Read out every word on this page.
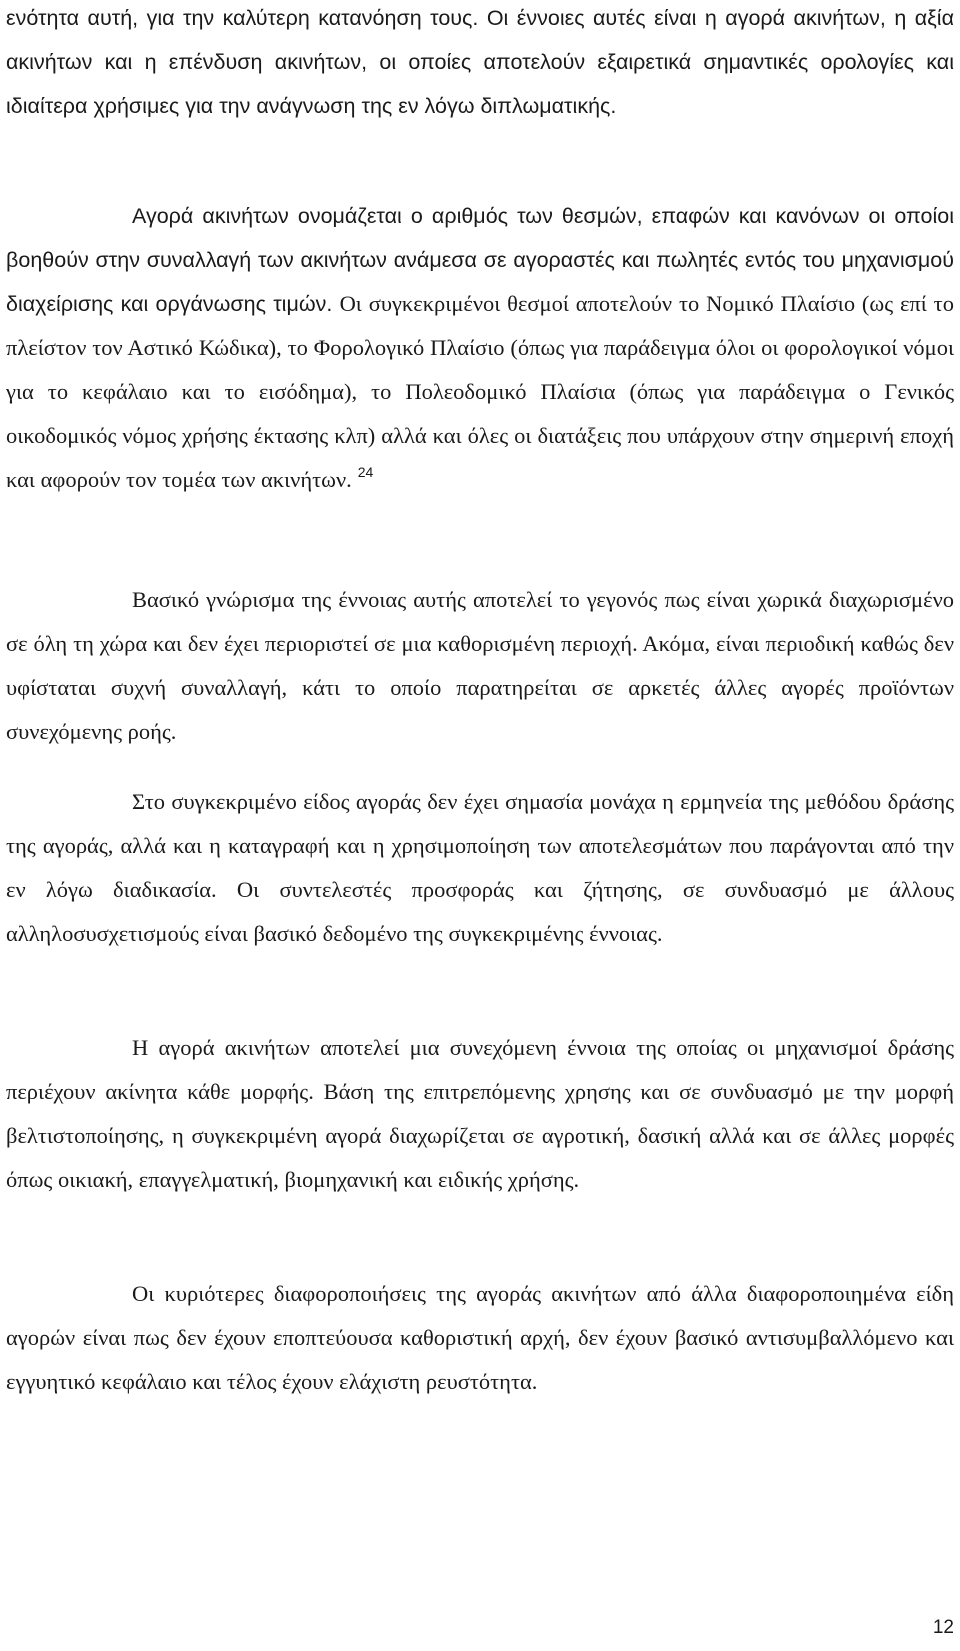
ενότητα αυτή, για την καλύτερη κατανόηση τους. Οι έννοιες αυτές είναι η αγορά ακινήτων, η αξία ακινήτων και η επένδυση ακινήτων, οι οποίες αποτελούν εξαιρετικά σημαντικές ορολογίες και ιδιαίτερα χρήσιμες για την ανάγνωση της εν λόγω διπλωματικής.

Αγορά ακινήτων ονομάζεται ο αριθμός των θεσμών, επαφών και κανόνων οι οποίοι βοηθούν στην συναλλαγή των ακινήτων ανάμεσα σε αγοραστές και πωλητές εντός του μηχανισμού διαχείρισης και οργάνωσης τιμών. Οι συγκεκριμένοι θεσμοί αποτελούν το Νομικό Πλαίσιο (ως επί το πλείστον τον Αστικό Κώδικα), το Φορολογικό Πλαίσιο (όπως για παράδειγμα όλοι οι φορολογικοί νόμοι για το κεφάλαιο και το εισόδημα), το Πολεοδομικό Πλαίσια (όπως για παράδειγμα ο Γενικός οικοδομικός νόμος χρήσης έκτασης κλπ) αλλά και όλες οι διατάξεις που υπάρχουν στην σημερινή εποχή και αφορούν τον τομέα των ακινήτων. $^{24}$

Βασικό γνώρισμα της έννοιας αυτής αποτελεί το γεγονός πως είναι χωρικά διαχωρισμένο σε όλη τη χώρα και δεν έχει περιοριστεί σε μια καθορισμένη περιοχή. Ακόμα, είναι περιοδική καθώς δεν υφίσταται συχνή συναλλαγή, κάτι το οποίο παρατηρείται σε αρκετές άλλες αγορές προϊόντων συνεχόμενης ροής.

Στο συγκεκριμένο είδος αγοράς δεν έχει σημασία μονάχα η ερμηνεία της μεθόδου δράσης της αγοράς, αλλά και η καταγραφή και η χρησιμοποίηση των αποτελεσμάτων που παράγονται από την εν λόγω διαδικασία. Οι συντελεστές προσφοράς και ζήτησης, σε συνδυασμό με άλλους αλληλοσυσχετισμούς είναι βασικό δεδομένο της συγκεκριμένης έννοιας.

Η αγορά ακινήτων αποτελεί μια συνεχόμενη έννοια της οποίας οι μηχανισμοί δράσης περιέχουν ακίνητα κάθε μορφής. Βάση της επιτρεπόμενης χρησης και σε συνδυασμό με την μορφή βελτιστοποίησης, η συγκεκριμένη αγορά διαχωρίζεται σε αγροτική, δασική αλλά και σε άλλες μορφές όπως οικιακή, επαγγελματική, βιομηχανική και ειδικής χρήσης.

Οι κυριότερες διαφοροποιήσεις της αγοράς ακινήτων από άλλα διαφοροποιημένα είδη αγορών είναι πως δεν έχουν εποπτεύουσα καθοριστική αρχή, δεν έχουν βασικό αντισυμβαλλόμενο και εγγυητικό κεφάλαιο και τέλος έχουν ελάχιστη ρευστότητα.

12
